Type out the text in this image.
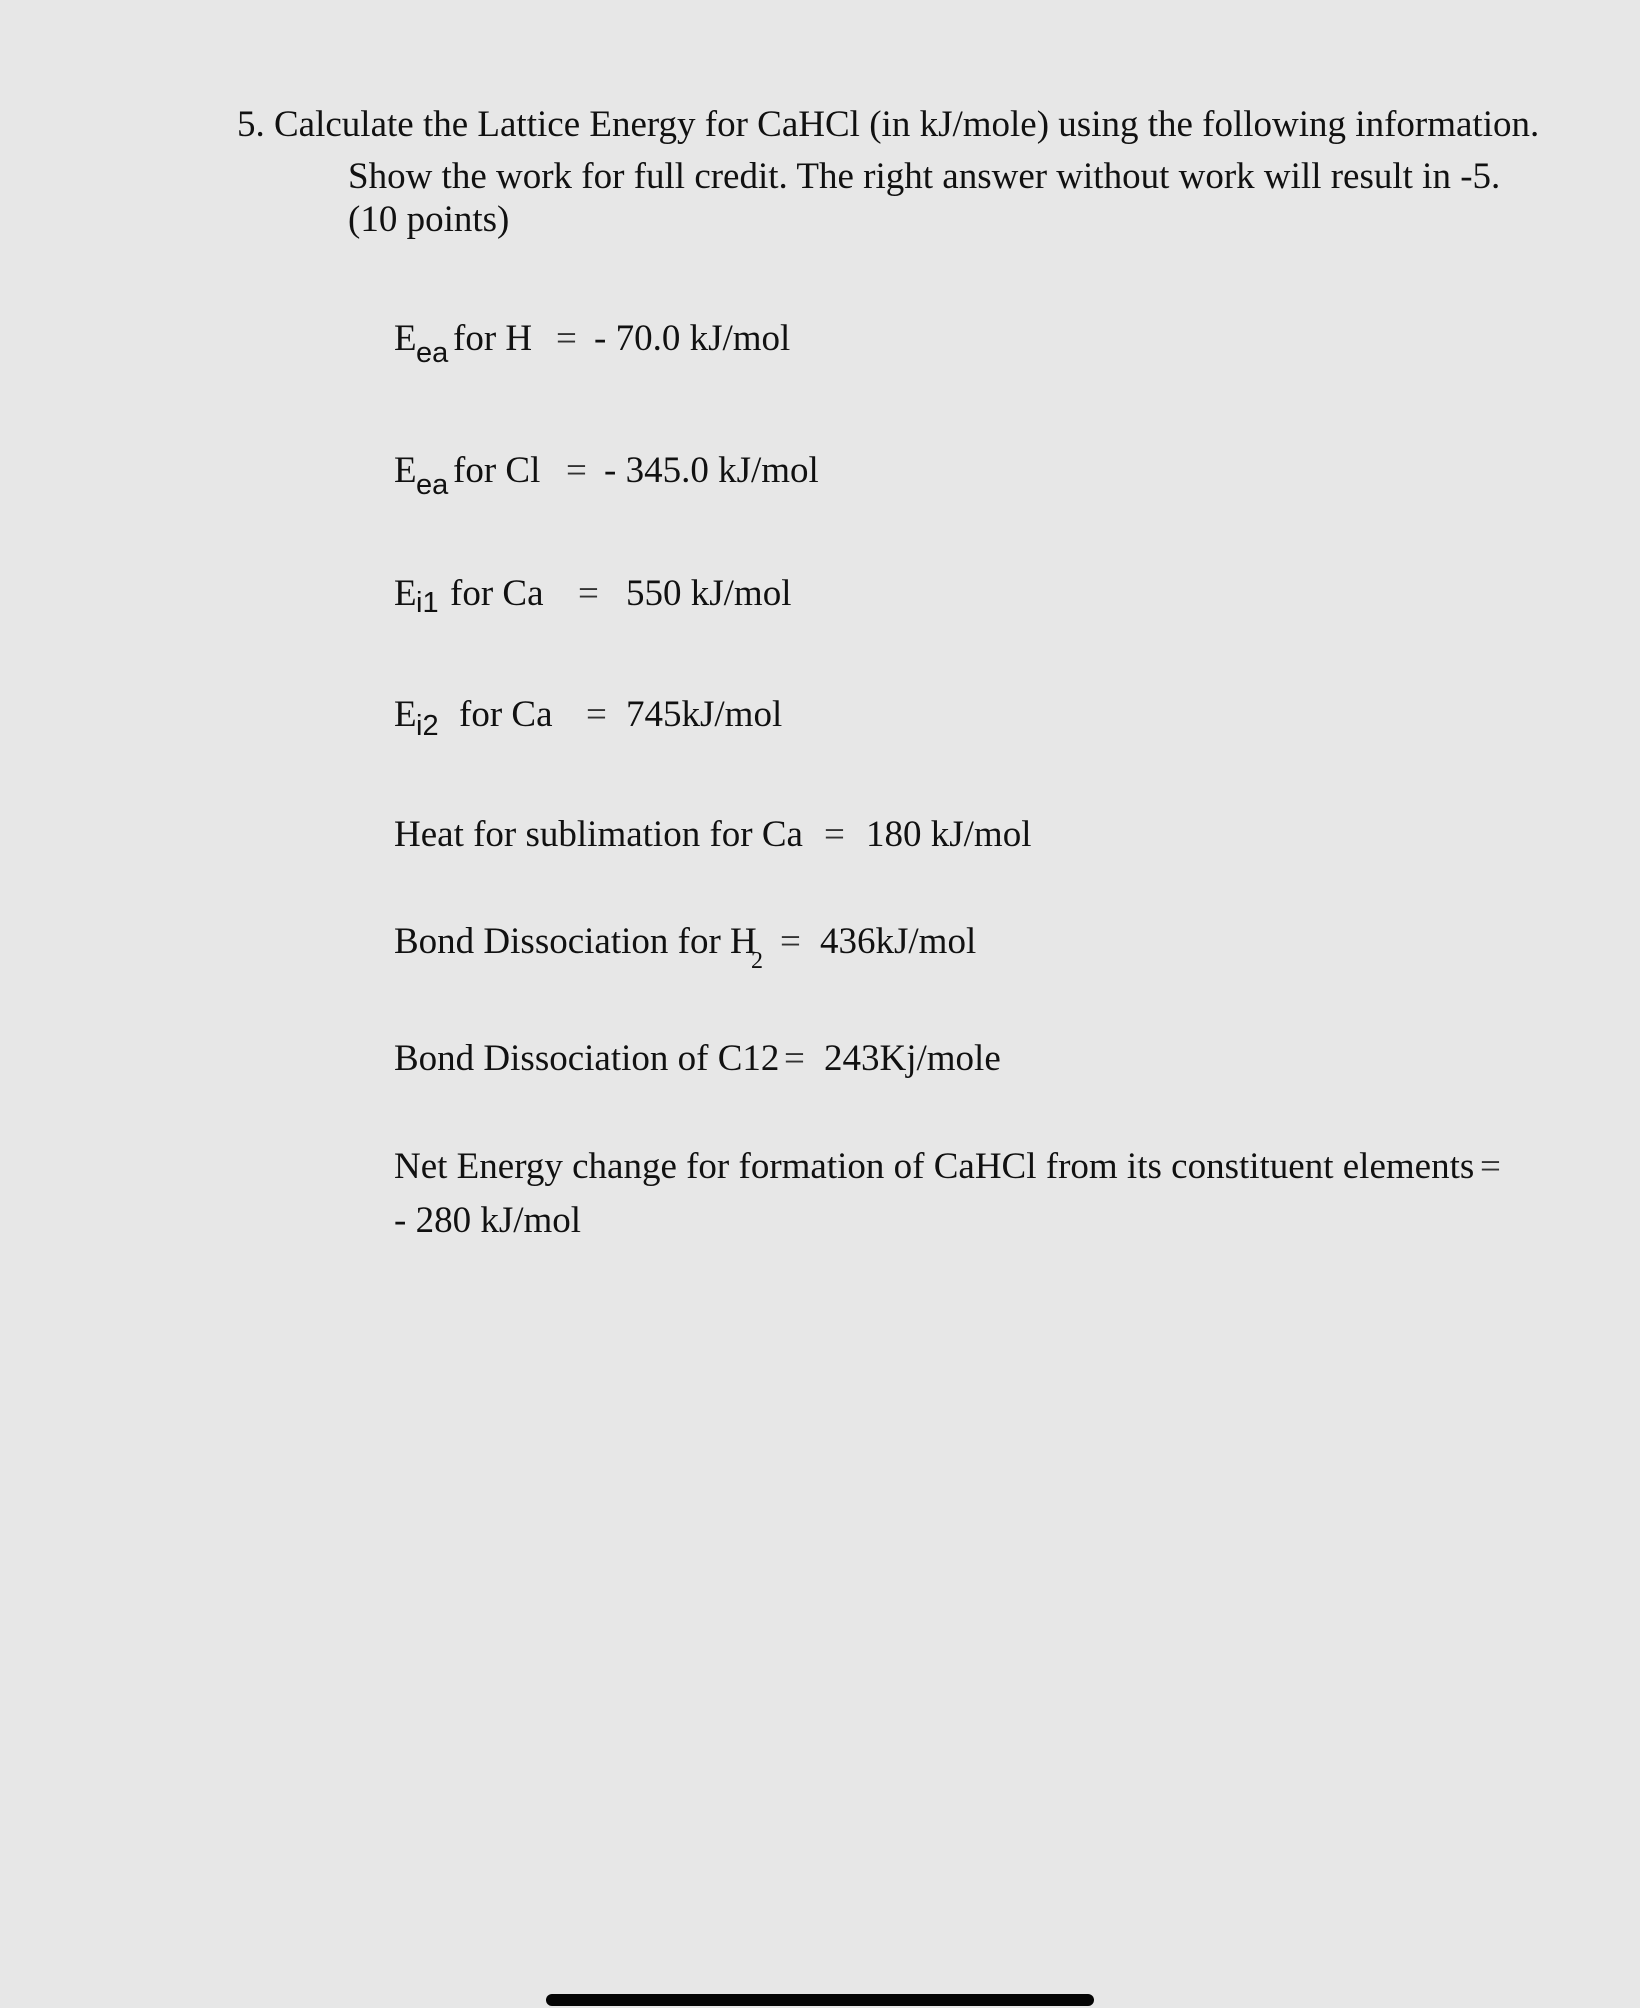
5. Calculate the Lattice Energy for CaHCl (in kJ/mole) using the following information.
Show the work for full credit. The right answer without work will result in -5.
(10 points)
E ea for H = - 70.0 kJ/mol
E ea for Cl = - 345.0 kJ/mol
E i1 for Ca = 550 kJ/mol
E i2 for Ca = 745kJ/mol
Heat for sublimation for Ca = 180 kJ/mol
Bond Dissociation for H
2 = 436kJ/mol
Bond Dissociation of C12 = 243Kj/mole
Net Energy change for formation of CaHCl from its constituent elements =
- 280 kJ/mol
